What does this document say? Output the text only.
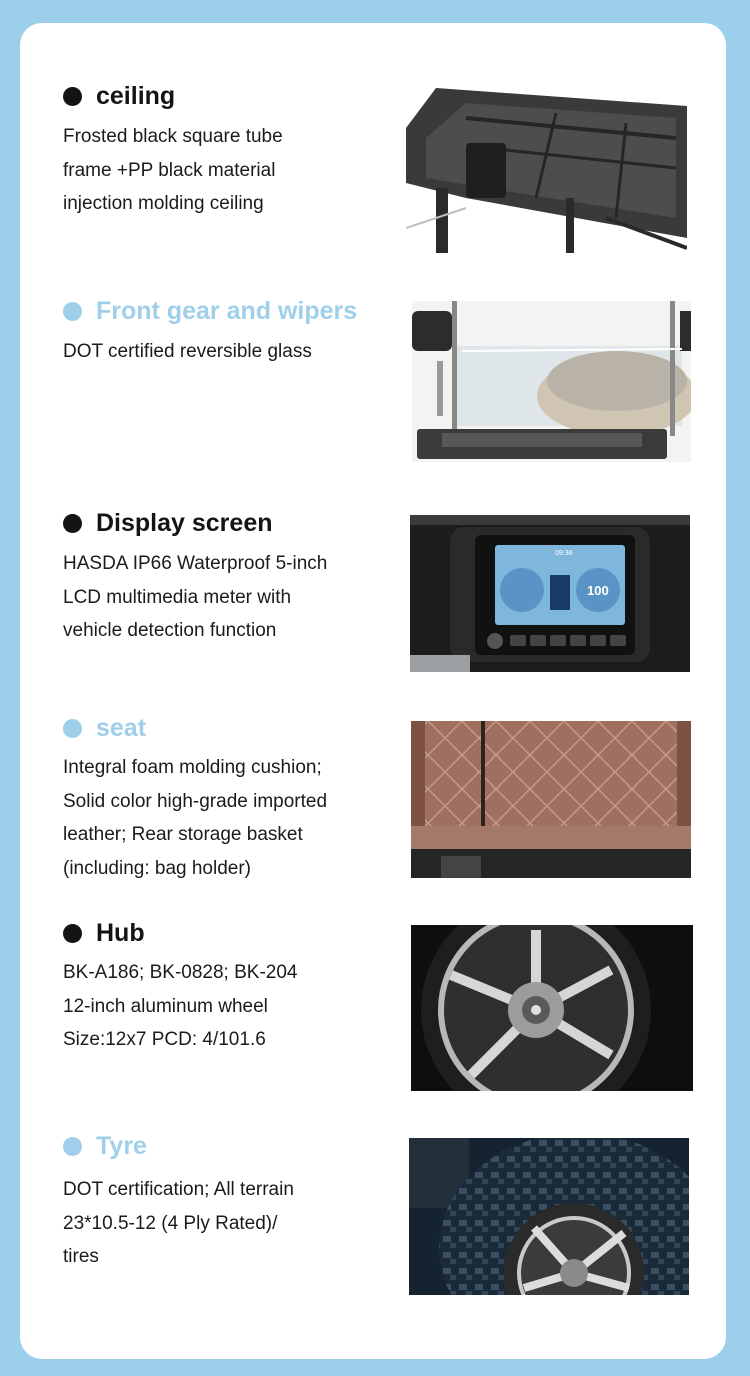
ceiling

Frosted black square tube
frame +PP black material
injection molding ceiling

Front gear and wipers

DOT certified reversible glass

Display screen

HASDA IP66 Waterproof 5-inch
LCD multimedia meter with
vehicle detection function

09:38
100
seat

Integral foam molding cushion;
Solid color high-grade imported
leather; Rear storage basket
(including: bag holder)

Hub

BK-A186; BK-0828; BK-204
12-inch aluminum wheel
Size:12x7 PCD: 4/101.6

Tyre

DOT certification; All terrain
23*10.5-12 (4 Ply Rated)/
tires
